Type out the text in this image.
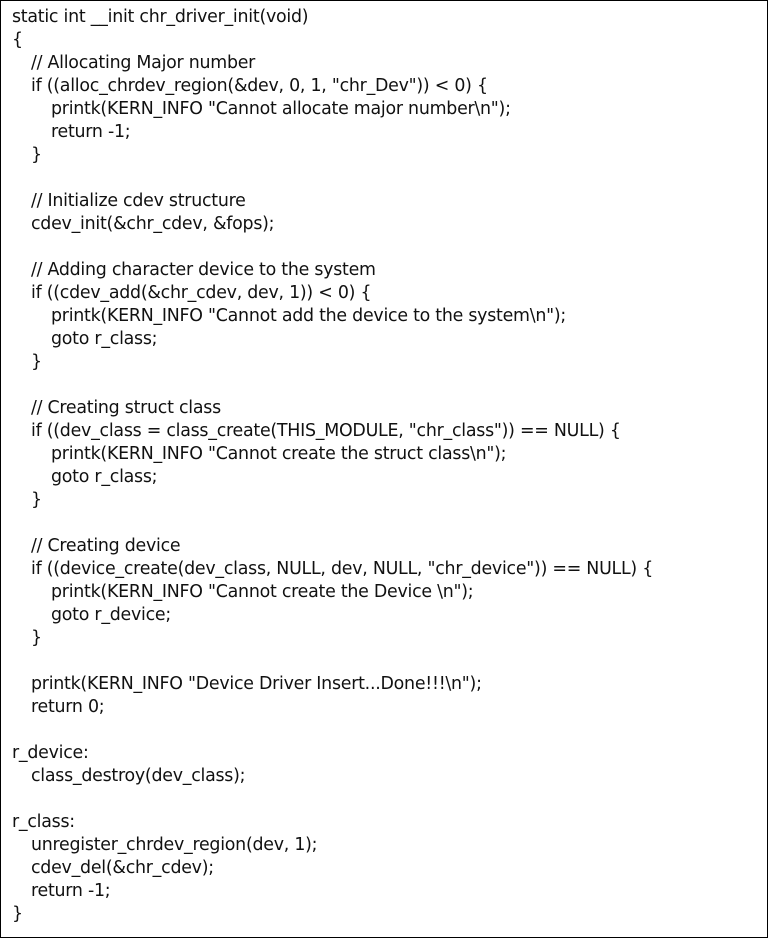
static int __init chr_driver_init(void)
{
// Allocating Major number
if ((alloc_chrdev_region(&dev, 0, 1, "chr_Dev")) < 0) {
printk(KERN_INFO "Cannot allocate major number\n");
return -1;
}
// Initialize cdev structure
cdev_init(&chr_cdev, &fops);
// Adding character device to the system
if ((cdev_add(&chr_cdev, dev, 1)) < 0) {
printk(KERN_INFO "Cannot add the device to the system\n");
goto r_class;
}
// Creating struct class
if ((dev_class = class_create(THIS_MODULE, "chr_class")) == NULL) {
printk(KERN_INFO "Cannot create the struct class\n");
goto r_class;
}
// Creating device
if ((device_create(dev_class, NULL, dev, NULL, "chr_device")) == NULL) {
printk(KERN_INFO "Cannot create the Device \n");
goto r_device;
}
printk(KERN_INFO "Device Driver Insert...Done!!!\n");
return 0;
r_device:
class_destroy(dev_class);
r_class:
unregister_chrdev_region(dev, 1);
cdev_del(&chr_cdev);
return -1;
}
